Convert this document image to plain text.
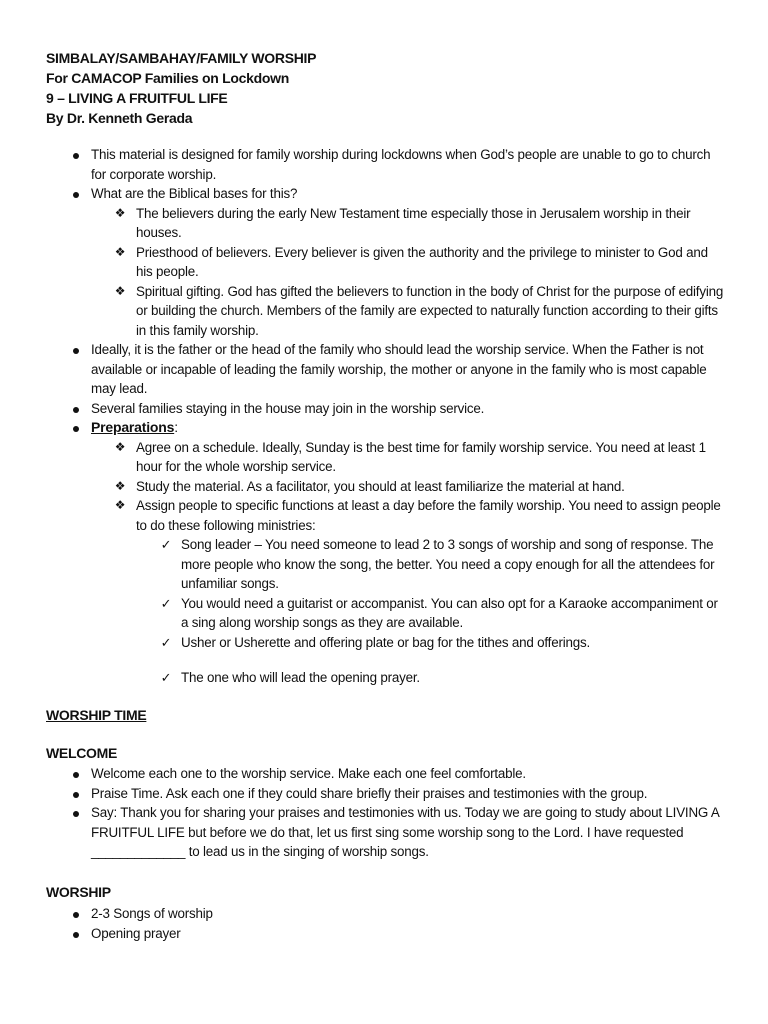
SIMBALAY/SAMBAHAY/FAMILY WORSHIP
For CAMACOP Families on Lockdown
9 – LIVING A FRUITFUL LIFE
By Dr. Kenneth Gerada
This material is designed for family worship during lockdowns when God’s people are unable to go to church for corporate worship.
What are the Biblical bases for this?
❖ The believers during the early New Testament time especially those in Jerusalem worship in their houses.
❖ Priesthood of believers. Every believer is given the authority and the privilege to minister to God and his people.
❖ Spiritual gifting. God has gifted the believers to function in the body of Christ for the purpose of edifying or building the church. Members of the family are expected to naturally function according to their gifts in this family worship.
Ideally, it is the father or the head of the family who should lead the worship service. When the Father is not available or incapable of leading the family worship, the mother or anyone in the family who is most capable may lead.
Several families staying in the house may join in the worship service.
Preparations:
❖ Agree on a schedule. Ideally, Sunday is the best time for family worship service. You need at least 1 hour for the whole worship service.
❖ Study the material. As a facilitator, you should at least familiarize the material at hand.
❖ Assign people to specific functions at least a day before the family worship. You need to assign people to do these following ministries:
✓ Song leader – You need someone to lead 2 to 3 songs of worship and song of response. The more people who know the song, the better. You need a copy enough for all the attendees for unfamiliar songs.
✓ You would need a guitarist or accompanist. You can also opt for a Karaoke accompaniment or a sing along worship songs as they are available.
✓ Usher or Usherette and offering plate or bag for the tithes and offerings.
✓ The one who will lead the opening prayer.
WORSHIP TIME
WELCOME
Welcome each one to the worship service. Make each one feel comfortable.
Praise Time. Ask each one if they could share briefly their praises and testimonies with the group.
Say: Thank you for sharing your praises and testimonies with us. Today we are going to study about LIVING A FRUITFUL LIFE but before we do that, let us first sing some worship song to the Lord. I have requested _____________ to lead us in the singing of worship songs.
WORSHIP
2-3 Songs of worship
Opening prayer
